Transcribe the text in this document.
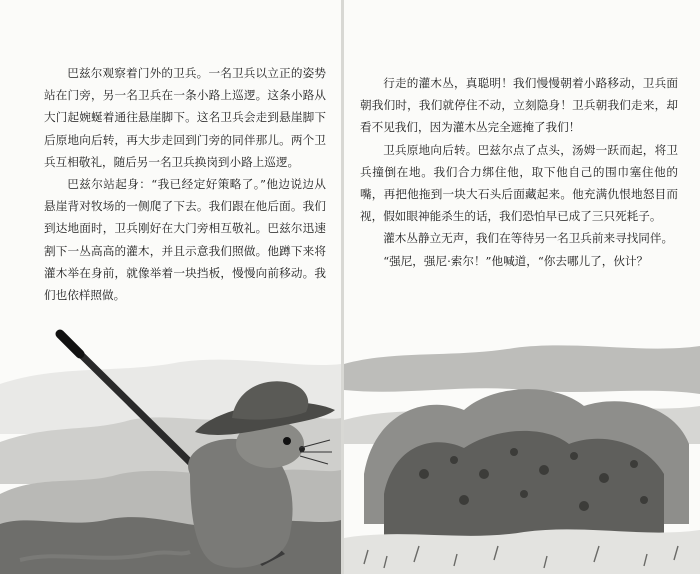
巴兹尔观察着门外的卫兵。一名卫兵以立正的姿势站在门旁，另一名卫兵在一条小路上巡逻。这条小路从大门起婉蜒着通往悬崖脚下。这名卫兵会走到悬崖脚下后原地向后转，再大步走回到门旁的同伴那儿。两个卫兵互相敬礼，随后另一名卫兵换岗到小路上巡逻。

巴兹尔站起身：“我已经定好策略了。”他边说边从悬崖背对牧场的一侧爬了下去。我们跟在他后面。我们到达地面时，卫兵刚好在大门旁相互敬礼。巴兹尔迅速割下一丛高高的灌木，并且示意我们照做。他蹲下来将灌木举在身前，就像举着一块挡板，慢慢向前移动。我们也依样照做。

行走的灌木丛，真聪明！我们慢慢朝着小路移动，卫兵面朝我们时，我们就停住不动，立刻隐身！卫兵朝我们走来，却看不见我们，因为灌木丛完全遮掩了我们！

卫兵原地向后转。巴兹尔点了点头，汤姆一跃而起，将卫兵撞倒在地。我们合力绑住他，取下他自己的围巾塞住他的嘴，再把他拖到一块大石头后面藏起来。他充满仇恨地怒目而视，假如眼神能杀生的话，我们恐怕早已成了三只死耗子。

灌木丛静立无声，我们在等待另一名卫兵前来寻找同伴。

“强尼，强尼·索尔！”他喊道，“你去哪儿了，伙计？
